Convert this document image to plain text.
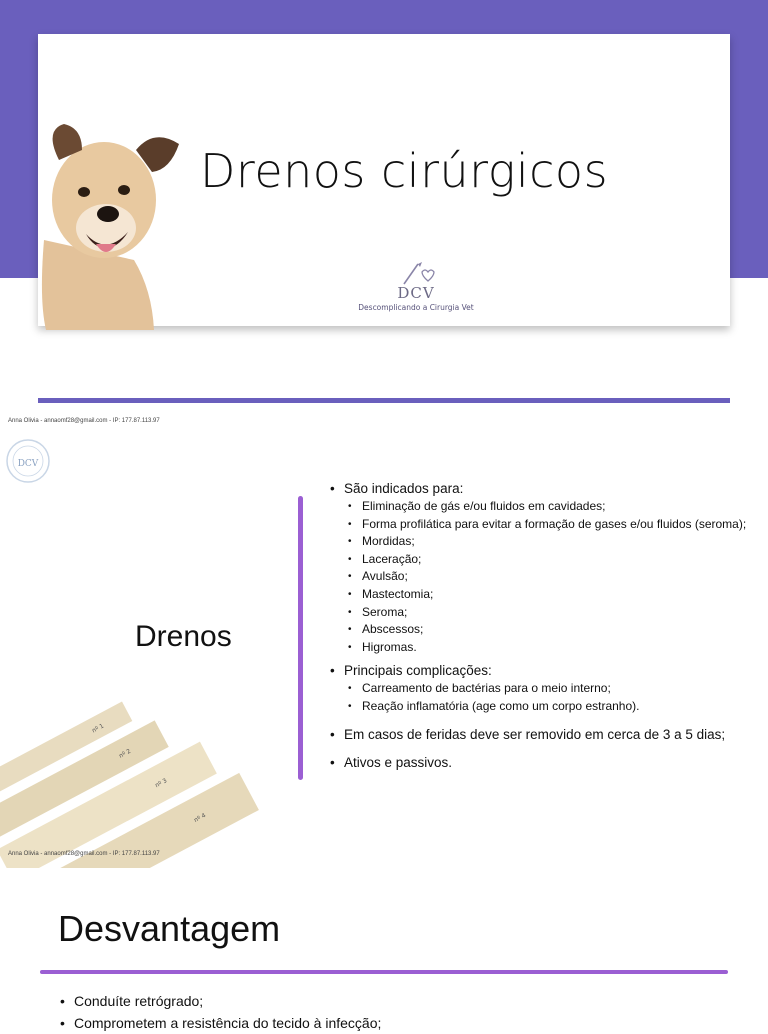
Drenos cirúrgicos
DCV
Descomplicando a Cirurgia Vet
Anna Olivia - annaomf28@gmail.com - IP: 177.87.113.97
DCV
Drenos
nº 1
nº 2
nº 3
nº 4
Anna Olivia - annaomf28@gmail.com - IP: 177.87.113.97
• São indicados para:
• Eliminação de gás e/ou fluidos em cavidades;
• Forma profilática para evitar a formação de gases e/ou fluidos (seroma);
• Mordidas;
• Laceração;
• Avulsão;
• Mastectomia;
• Seroma;
• Abscessos;
• Higromas.
• Principais complicações:
• Carreamento de bactérias para o meio interno;
• Reação inflamatória (age como um corpo estranho).
• Em casos de feridas deve ser removido em cerca de 3 a 5 dias;
• Ativos e passivos.
Desvantagem
• Conduíte retrógrado;
• Comprometem a resistência do tecido à infecção;
